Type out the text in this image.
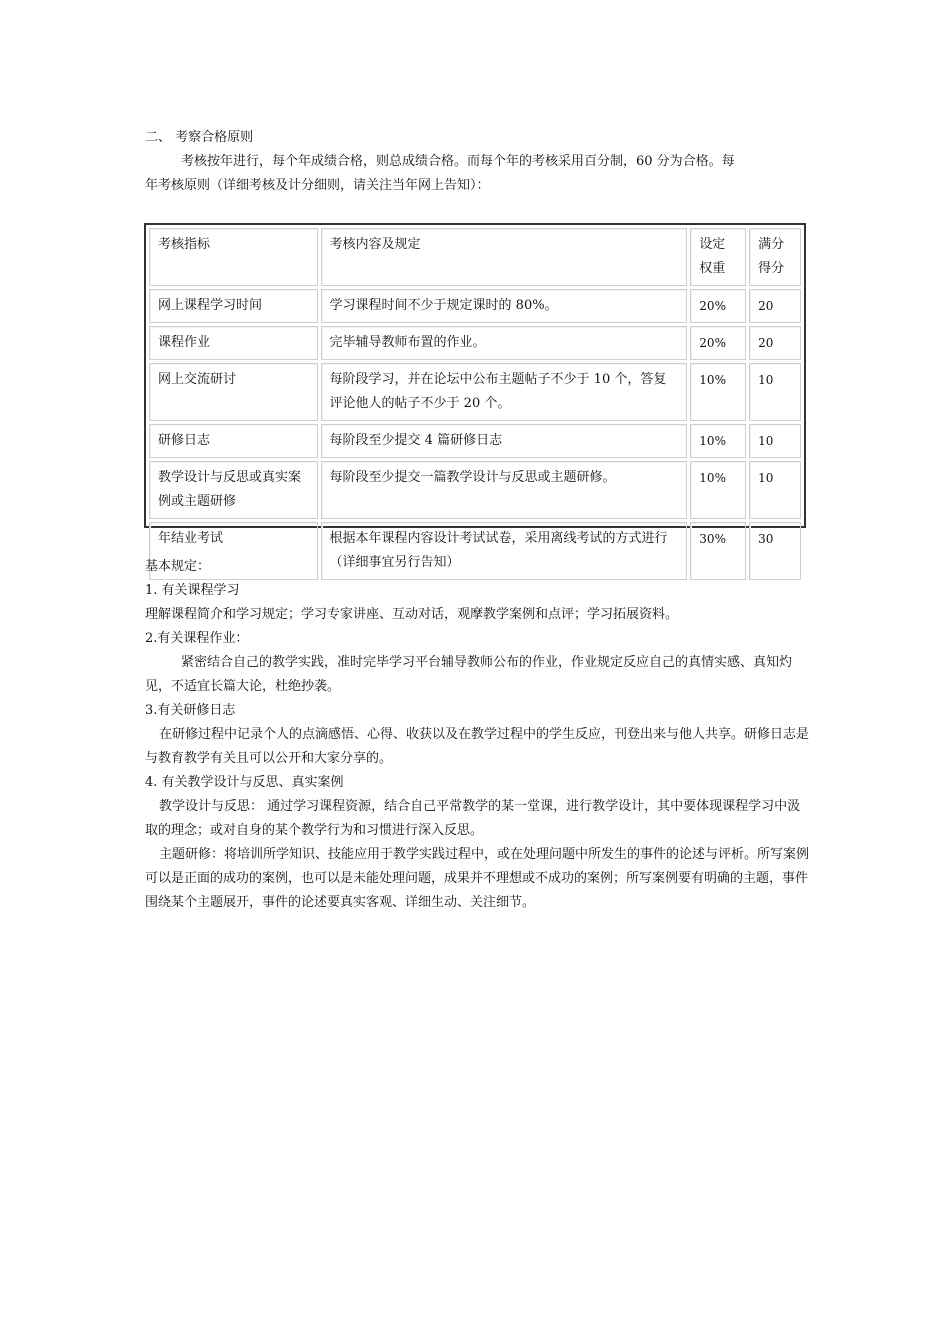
二、 考察合格原则

考核按年进行，每个年成绩合格，则总成绩合格。而每个年的考核采用百分制，60 分为合格。每

年考核原则（详细考核及计分细则，请关注当年网上告知）：

考核指标	考核内容及规定	设定权重	满分得分
网上课程学习时间	学习课程时间不少于规定课时的 80%。	20%	20
课程作业	完毕辅导教师布置的作业。	20%	20
网上交流研讨	每阶段学习，并在论坛中公布主题帖子不少于 10 个，答复评论他人的帖子不少于 20 个。	10%	10
研修日志	每阶段至少提交 4 篇研修日志	10%	10
教学设计与反思或真实案例或主题研修	每阶段至少提交一篇教学设计与反思或主题研修。	10%	10
年结业考试	根据本年课程内容设计考试试卷，采用离线考试的方式进行（详细事宜另行告知）	30%	30

基本规定：

1. 有关课程学习

理解课程简介和学习规定；学习专家讲座、互动对话，观摩教学案例和点评；学习拓展资料。

2.有关课程作业：

紧密结合自己的教学实践，准时完毕学习平台辅导教师公布的作业，作业规定反应自己的真情实感、真知灼见，不适宜长篇大论，杜绝抄袭。

3.有关研修日志

在研修过程中记录个人的点滴感悟、心得、收获以及在教学过程中的学生反应，刊登出来与他人共享。研修日志是与教育教学有关且可以公开和大家分享的。

4. 有关教学设计与反思、真实案例

教学设计与反思： 通过学习课程资源，结合自己平常教学的某一堂课，进行教学设计，其中要体现课程学习中汲取的理念；或对自身的某个教学行为和习惯进行深入反思。

主题研修：将培训所学知识、技能应用于教学实践过程中，或在处理问题中所发生的事件的论述与评析。所写案例可以是正面的成功的案例，也可以是未能处理问题，成果并不理想或不成功的案例；所写案例要有明确的主题，事件围绕某个主题展开，事件的论述要真实客观、详细生动、关注细节。
